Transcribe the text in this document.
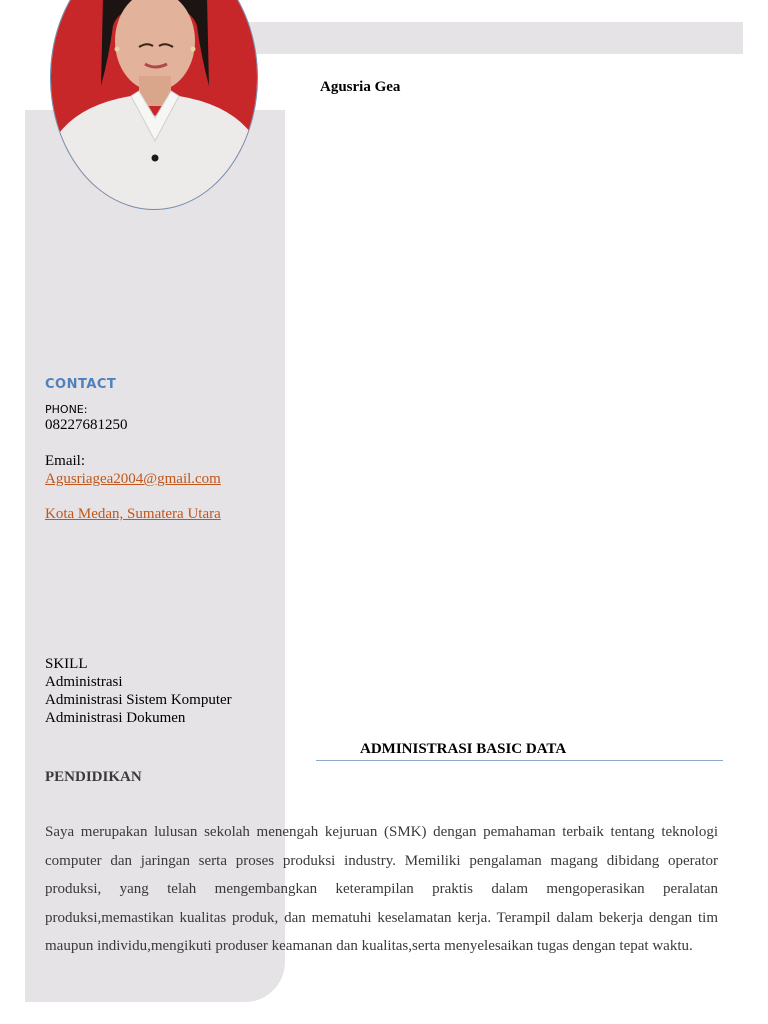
Agusria Gea
CONTACT
PHONE:
08227681250
Email:
Agusriagea2004@gmail.com
Kota Medan, Sumatera Utara
SKILL
Administrasi
Administrasi Sistem Komputer
Administrasi Dokumen
ADMINISTRASI BASIC DATA
PENDIDIKAN
Saya merupakan lulusan sekolah menengah kejuruan (SMK) dengan pemahaman terbaik tentang teknologi computer dan jaringan serta proses produksi industry. Memiliki pengalaman magang dibidang operator produksi, yang telah mengembangkan keterampilan praktis dalam mengoperasikan peralatan produksi,memastikan kualitas produk, dan mematuhi keselamatan kerja. Terampil dalam bekerja dengan tim maupun individu,mengikuti produser keamanan dan kualitas,serta menyelesaikan tugas dengan tepat waktu.
